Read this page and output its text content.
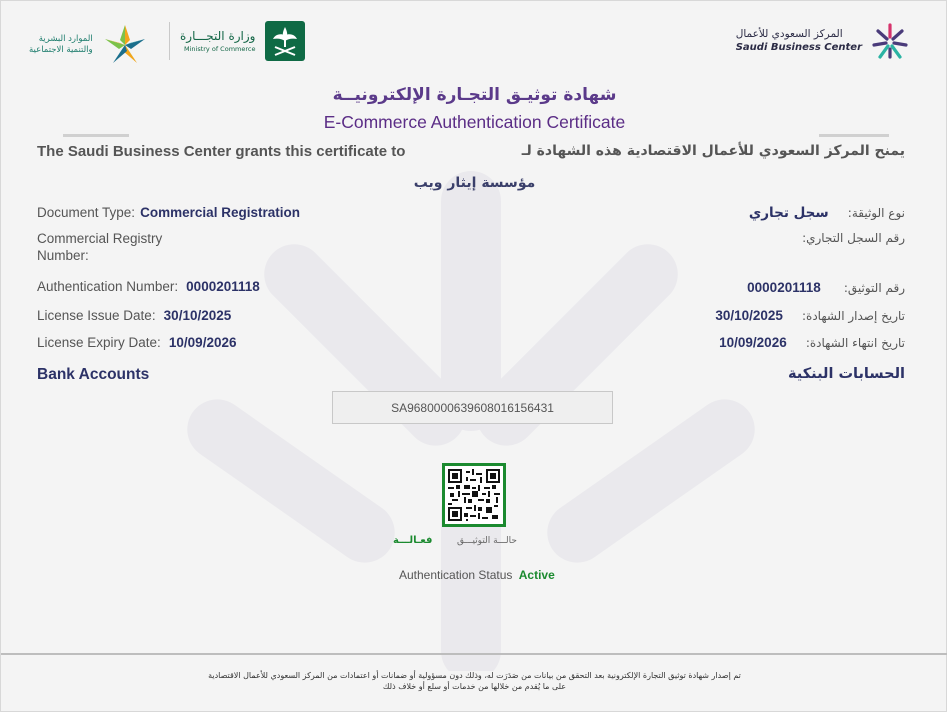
الموارد البشرية
والتنمية الاجتماعية
وزارة التجـــارة
Ministry of Commerce
المركز السعودي للأعمال
Saudi Business Center
شهادة توثيـق التجـارة الإلكترونيــة
E-Commerce Authentication Certificate
The Saudi Business Center grants this certificate to	يمنح المركز السعودي للأعمال الاقتصادية هذه الشهادة لـ
مؤسسة إيثار ويب
Document Type: Commercial Registration	نوع الوثيقة: سجل تجاري
Commercial Registry
Number:
رقم السجل التجاري:
Authentication Number: 0000201118	رقم التوثيق: 0000201118
License Issue Date: 30/10/2025	تاريخ إصدار الشهادة: 30/10/2025
License Expiry Date: 10/09/2026	تاريخ انتهاء الشهادة: 10/09/2026
Bank Accounts	الحسابات البنكية
SA9680000639608016156431
حالـــة التوثيـــق
فعـالـــة
Authentication Status Active
تم إصدار شهادة توثيق التجارة الإلكترونية بعد التحقق من بيانات من صَدَرَت له، وذلك دون مسؤولية أو ضمانات أو اعتمادات من المركز السعودي للأعمال الاقتصادية على ما يُقدم من خلالها من خدمات أو سلع أو خلاف ذلك
